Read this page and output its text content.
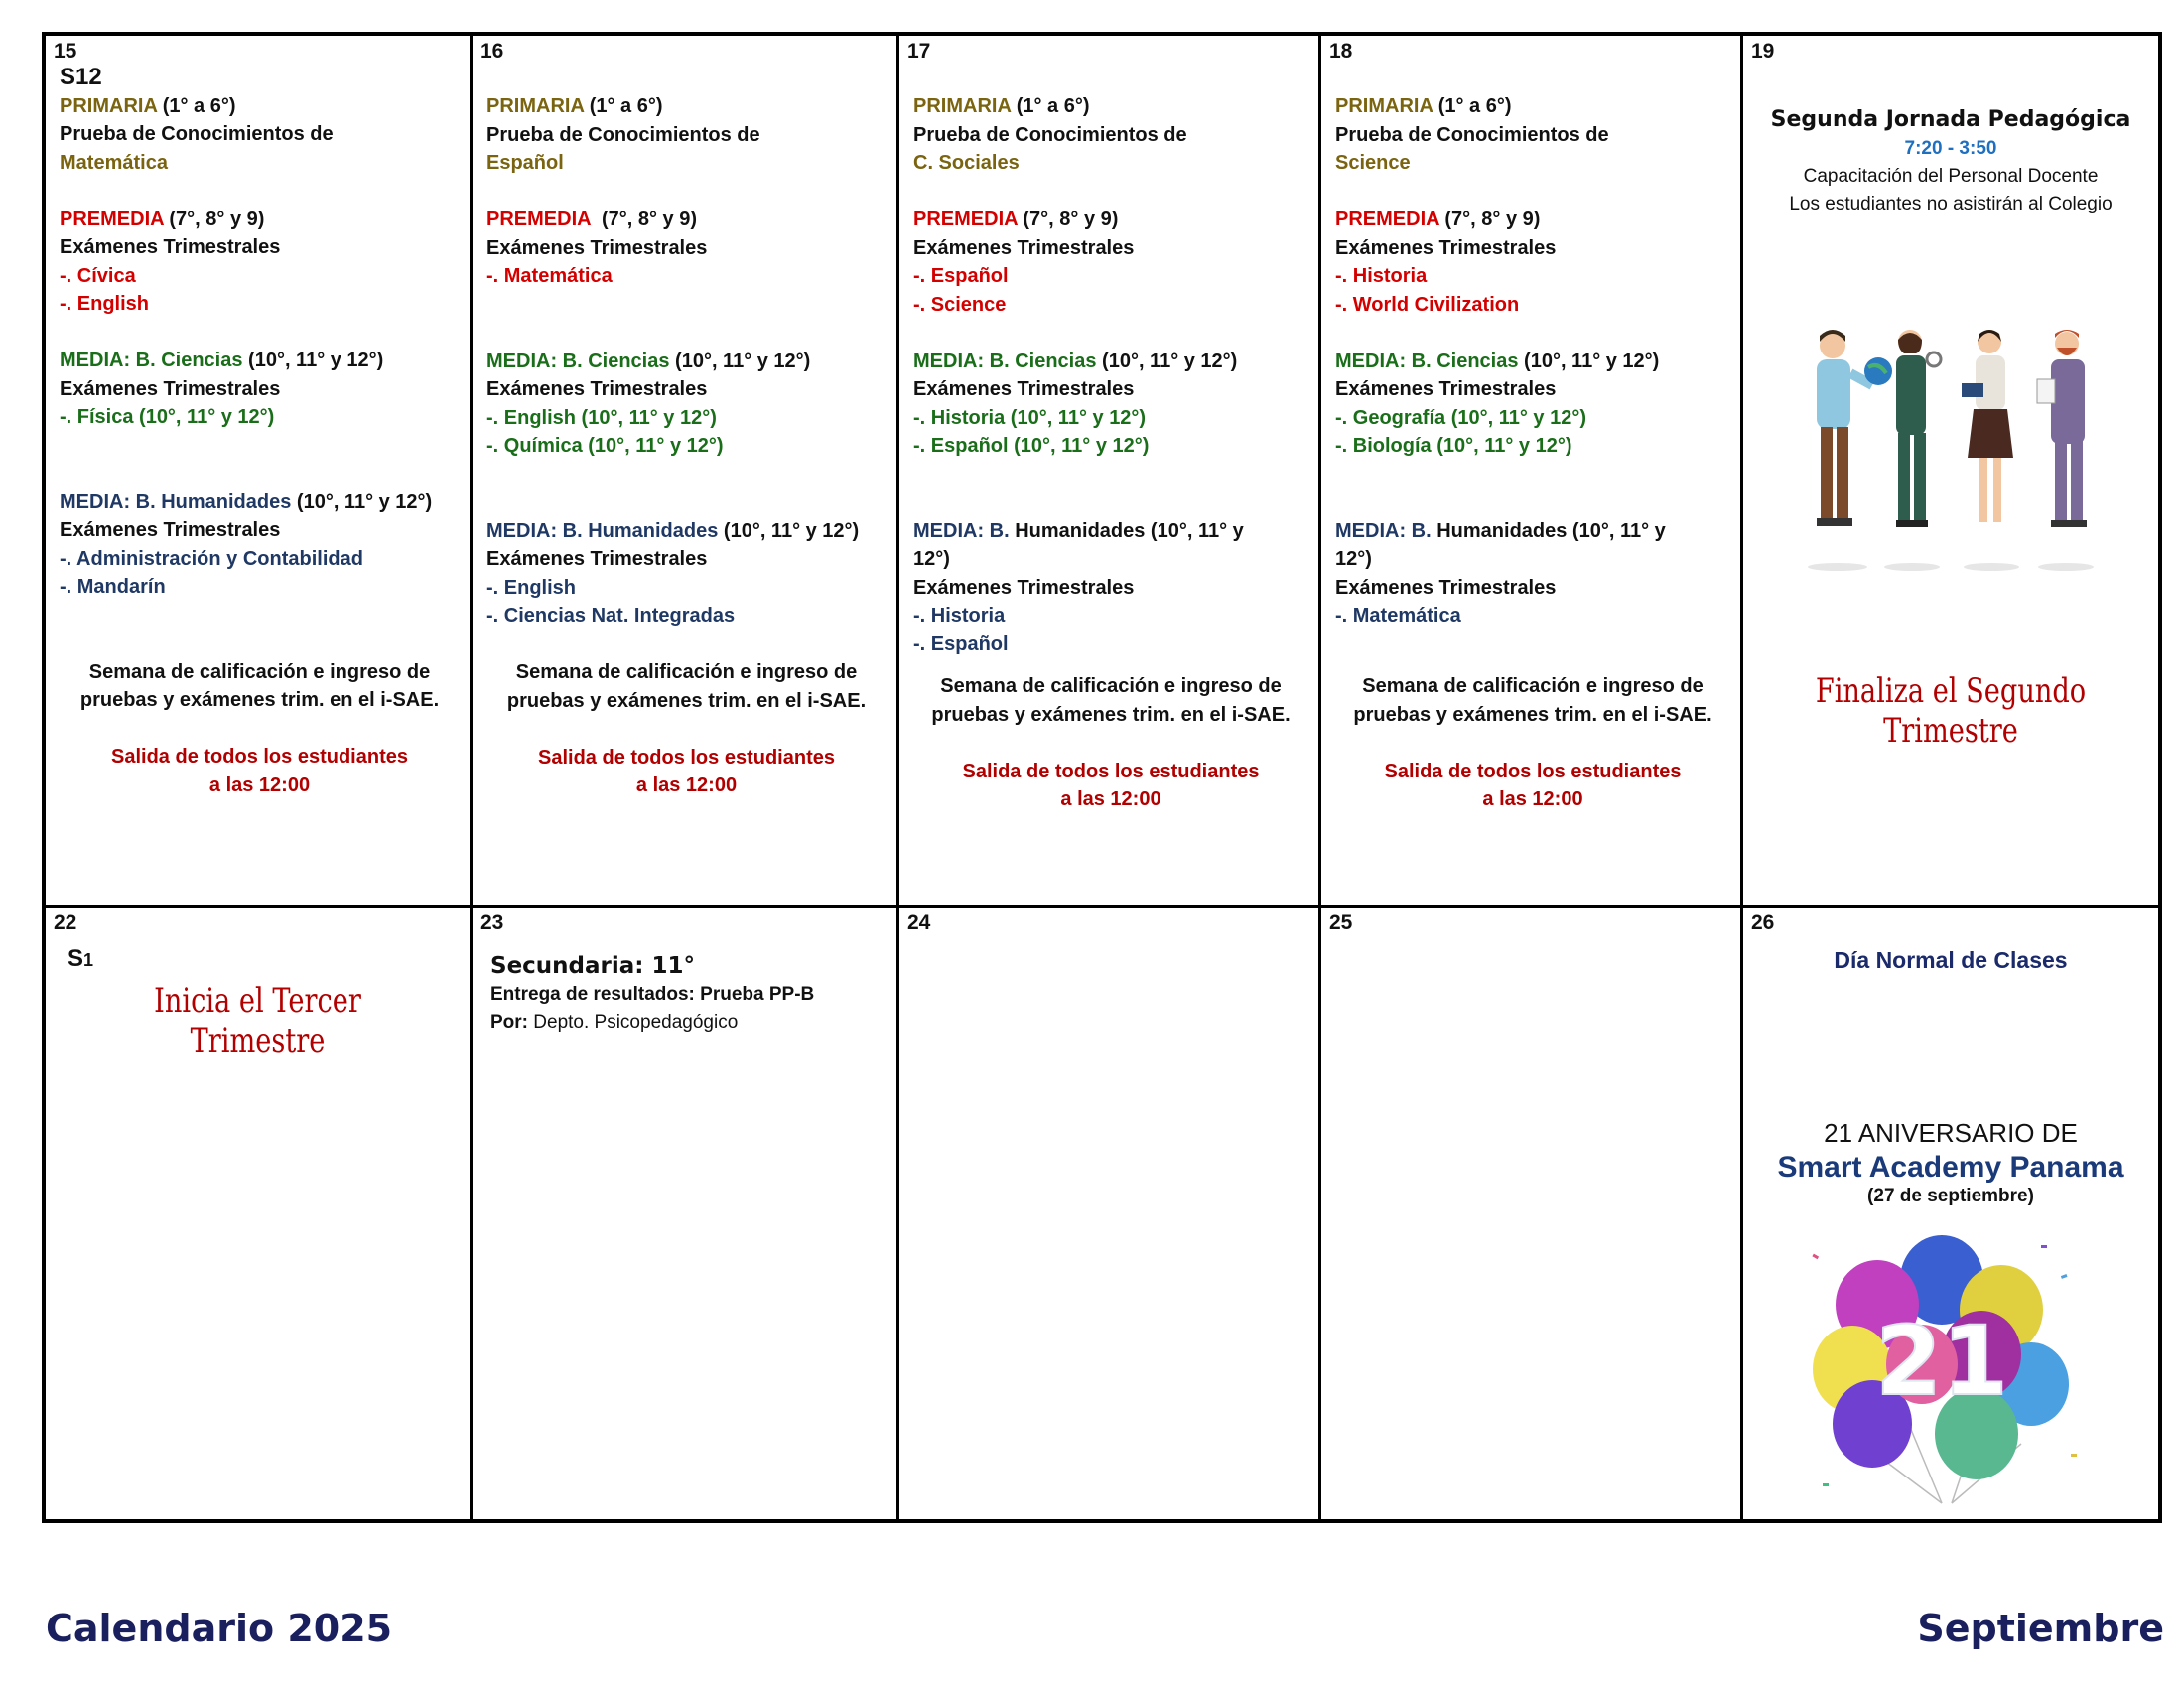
15
S12
PRIMARIA (1° a 6°)
Prueba de Conocimientos de
Matemática
PREMEDIA (7°, 8° y 9)
Exámenes Trimestrales
-. Cívica
-. English
MEDIA: B. Ciencias (10°, 11° y 12°)
Exámenes Trimestrales
-. Física (10°, 11° y 12°)
MEDIA: B. Humanidades (10°, 11° y 12°)
Exámenes Trimestrales
-. Administración y Contabilidad
-. Mandarín
Semana de calificación e ingreso de
pruebas y exámenes trim. en el i-SAE.
Salida de todos los estudiantes
a las 12:00
16
PRIMARIA (1° a 6°)
Prueba de Conocimientos de
Español
PREMEDIA  (7°, 8° y 9)
Exámenes Trimestrales
-. Matemática
MEDIA: B. Ciencias (10°, 11° y 12°)
Exámenes Trimestrales
-. English (10°, 11° y 12°)
-. Química (10°, 11° y 12°)
MEDIA: B. Humanidades (10°, 11° y 12°)
Exámenes Trimestrales
-. English
-. Ciencias Nat. Integradas
Semana de calificación e ingreso de
pruebas y exámenes trim. en el i-SAE.
Salida de todos los estudiantes
a las 12:00
17
PRIMARIA (1° a 6°)
Prueba de Conocimientos de
C. Sociales
PREMEDIA (7°, 8° y 9)
Exámenes Trimestrales
-. Español
-. Science
MEDIA: B. Ciencias (10°, 11° y 12°)
Exámenes Trimestrales
-. Historia (10°, 11° y 12°)
-. Español (10°, 11° y 12°)
MEDIA: B. Humanidades (10°, 11° y
12°)
Exámenes Trimestrales
-. Historia
-. Español
Semana de calificación e ingreso de
pruebas y exámenes trim. en el i-SAE.
Salida de todos los estudiantes
a las 12:00
18
PRIMARIA (1° a 6°)
Prueba de Conocimientos de
Science
PREMEDIA (7°, 8° y 9)
Exámenes Trimestrales
-. Historia
-. World Civilization
MEDIA: B. Ciencias (10°, 11° y 12°)
Exámenes Trimestrales
-. Geografía (10°, 11° y 12°)
-. Biología (10°, 11° y 12°)
MEDIA: B. Humanidades (10°, 11° y
12°)
Exámenes Trimestrales
-. Matemática
Semana de calificación e ingreso de
pruebas y exámenes trim. en el i-SAE.
Salida de todos los estudiantes
a las 12:00
19
Segunda Jornada Pedagógica
7:20 - 3:50
Capacitación del Personal Docente
Los estudiantes no asistirán al Colegio
Finaliza el Segundo Trimestre
22
S1
Inicia el Tercer Trimestre
23
Secundaria: 11°
Entrega de resultados: Prueba PP-B
Por: Depto. Psicopedagógico
24	25	26
Día Normal de Clases
21 ANIVERSARIO DE
Smart Academy Panama
(27 de septiembre)
21
Calendario 2025	Septiembre
